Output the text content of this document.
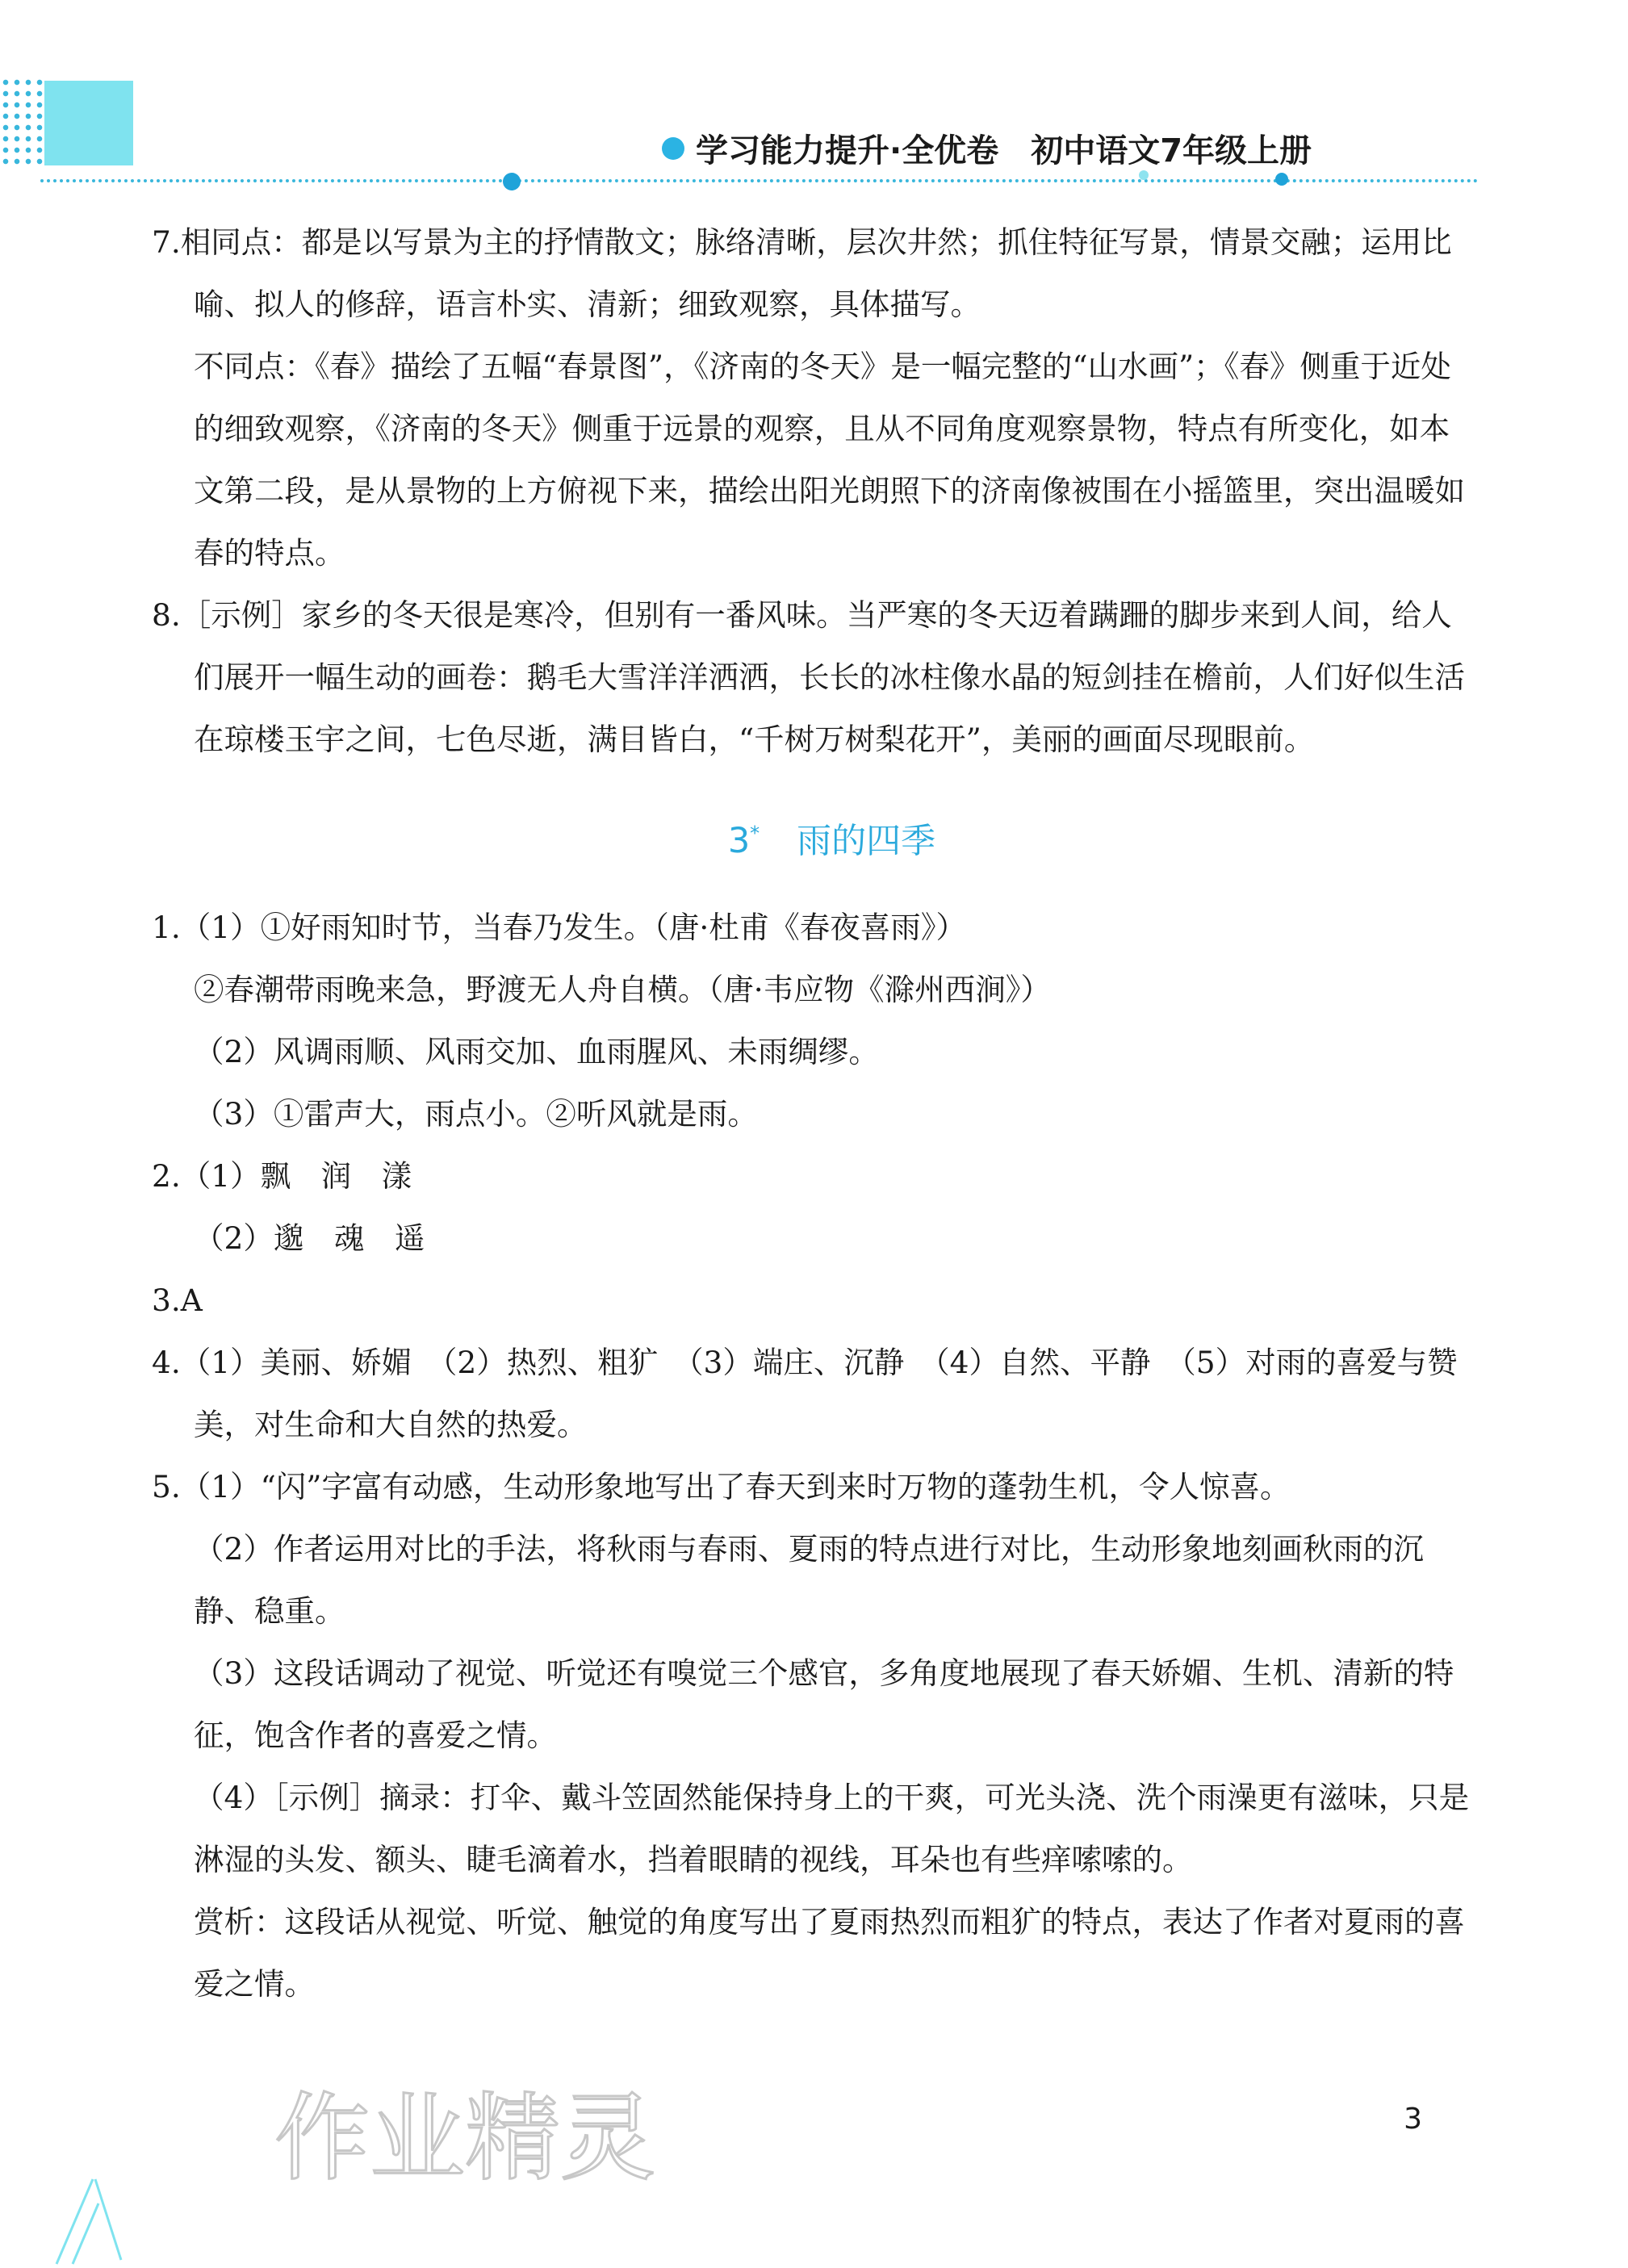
学习能力提升·全优卷　初中语文7年级上册

7.相同点：都是以写景为主的抒情散文；脉络清晰，层次井然；抓住特征写景，情景交融；运用比喻、拟人的修辞，语言朴实、清新；细致观察，具体描写。

不同点：《春》描绘了五幅“春景图”，《济南的冬天》是一幅完整的“山水画”；《春》侧重于近处的细致观察，《济南的冬天》侧重于远景的观察，且从不同角度观察景物，特点有所变化，如本文第二段，是从景物的上方俯视下来，描绘出阳光朗照下的济南像被围在小摇篮里，突出温暖如春的特点。

8.［示例］家乡的冬天很是寒冷，但别有一番风味。当严寒的冬天迈着蹒跚的脚步来到人间，给人们展开一幅生动的画卷：鹅毛大雪洋洋洒洒，长长的冰柱像水晶的短剑挂在檐前，人们好似生活在琼楼玉宇之间，七色尽逝，满目皆白，“千树万树梨花开”，美丽的画面尽现眼前。

3* 雨的四季

1.（1）①好雨知时节，当春乃发生。（唐·杜甫《春夜喜雨》）

②春潮带雨晚来急，野渡无人舟自横。（唐·韦应物《滁州西涧》）

（2）风调雨顺、风雨交加、血雨腥风、未雨绸缪。

（3）①雷声大，雨点小。②听风就是雨。

2.（1）飘　润　漾

（2）邈　魂　遥

3.A

4.（1）美丽、娇媚　（2）热烈、粗犷　（3）端庄、沉静　（4）自然、平静　（5）对雨的喜爱与赞美，对生命和大自然的热爱。

5.（1）“闪”字富有动感，生动形象地写出了春天到来时万物的蓬勃生机，令人惊喜。

（2）作者运用对比的手法，将秋雨与春雨、夏雨的特点进行对比，生动形象地刻画秋雨的沉静、稳重。

（3）这段话调动了视觉、听觉还有嗅觉三个感官，多角度地展现了春天娇媚、生机、清新的特征，饱含作者的喜爱之情。

（4）［示例］摘录：打伞、戴斗笠固然能保持身上的干爽，可光头浇、洗个雨澡更有滋味，只是淋湿的头发、额头、睫毛滴着水，挡着眼睛的视线，耳朵也有些痒嗦嗦的。

赏析：这段话从视觉、听觉、触觉的角度写出了夏雨热烈而粗犷的特点，表达了作者对夏雨的喜爱之情。

作业精灵	3
